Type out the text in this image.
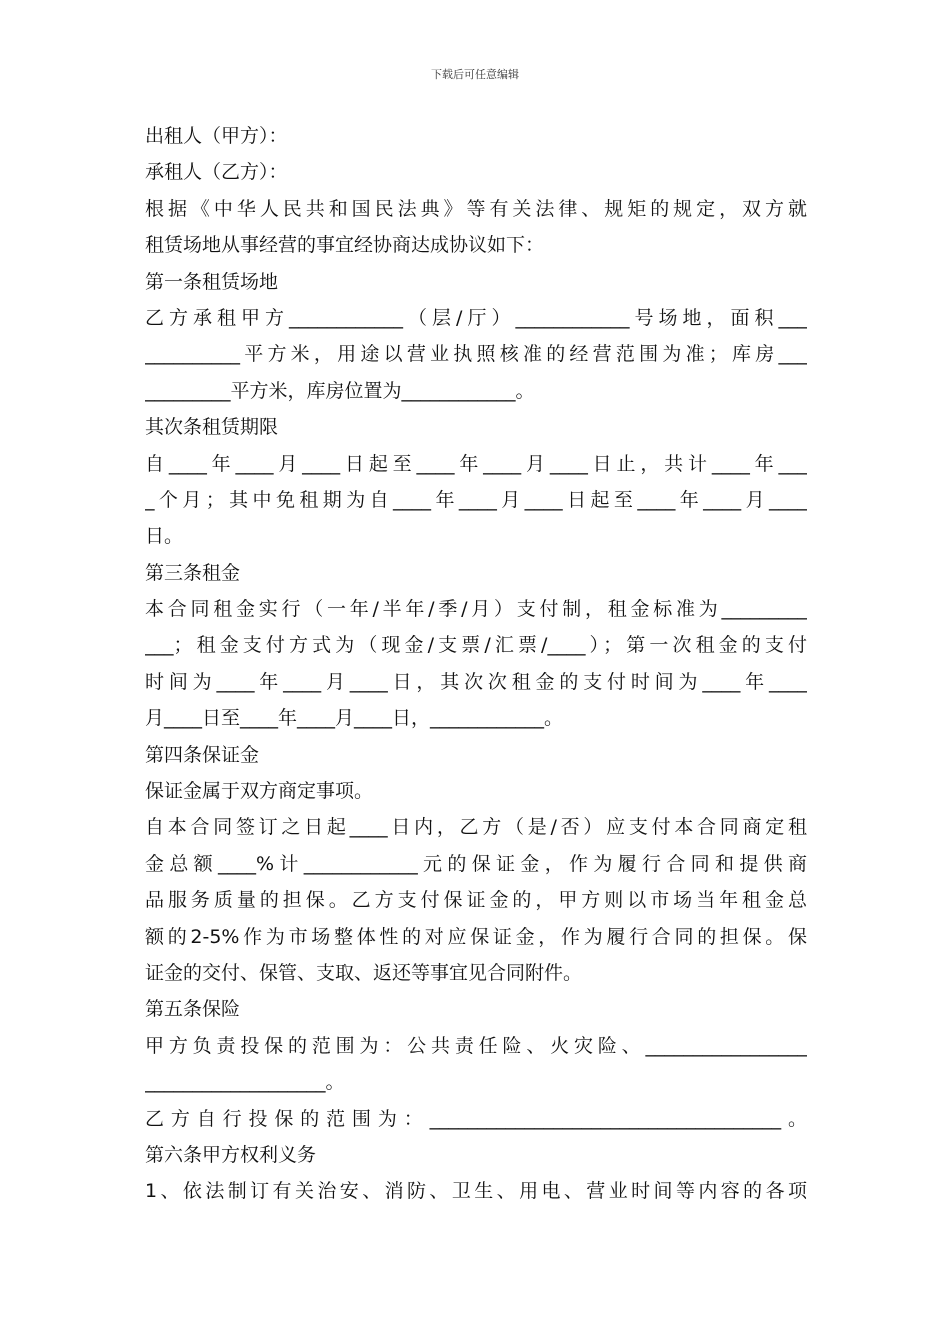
下载后可任意编辑
出租人（甲方）：
承租人（乙方）：
根据《中华人民共和国民法典》等有关法律、规矩的规定，双方就
租赁场地从事经营的事宜经协商达成协议如下：
第一条租赁场地
乙方承租甲方____________（层/厅）____________号场地，面积___
__________平方米，用途以营业执照核准的经营范围为准；库房___
_________平方米，库房位置为____________。
其次条租赁期限
自____年____月____日起至____年____月____日止，共计____年___
_个月；其中免租期为自____年____月____日起至____年____月____
日。
第三条租金
本合同租金实行（一年/半年/季/月）支付制，租金标准为_________
___；租金支付方式为（现金/支票/汇票/____）；第一次租金的支付
时间为____年____月____日，其次次租金的支付时间为____年____
月____日至____年____月____日，____________。
第四条保证金
保证金属于双方商定事项。
自本合同签订之日起____日内，乙方（是/否）应支付本合同商定租
金总额____%计____________元的保证金，作为履行合同和提供商
品服务质量的担保。乙方支付保证金的，甲方则以市场当年租金总
额的2-5%作为市场整体性的对应保证金，作为履行合同的担保。保
证金的交付、保管、支取、返还等事宜见合同附件。
第五条保险
甲方负责投保的范围为：公共责任险、火灾险、_________________
___________________。
乙方自行投保的范围为：_____________________________________。
第六条甲方权利义务
1、依法制订有关治安、消防、卫生、用电、营业时间等内容的各项
